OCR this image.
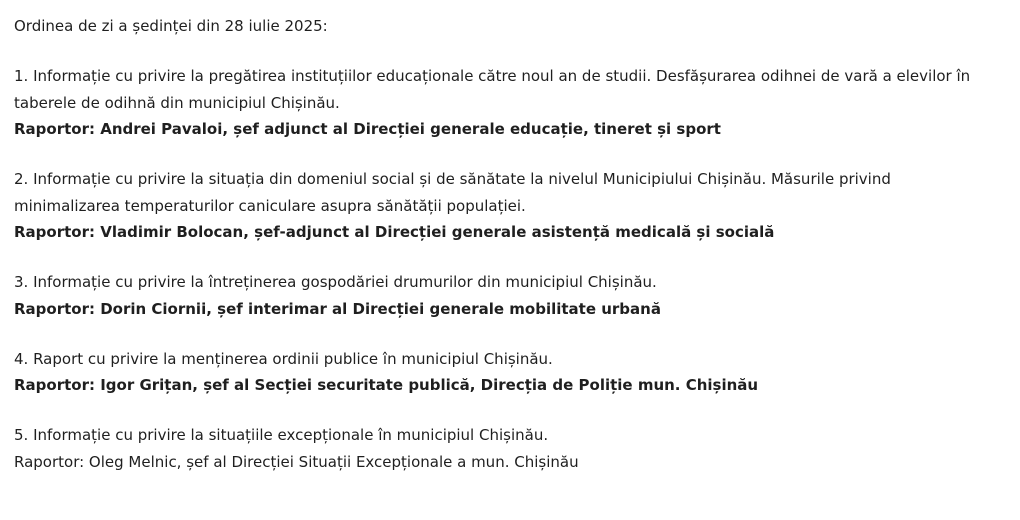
Ordinea de zi a ședinței din 28 iulie 2025:

1. Informație cu privire la pregătirea instituțiilor educaționale către noul an de studii. Desfășurarea odihnei de vară a elevilor în taberele de odihnă din municipiul Chișinău.

Raportor: Andrei Pavaloi, șef adjunct al Direcției generale educație, tineret și sport

2. Informație cu privire la situația din domeniul social și de sănătate la nivelul Municipiului Chișinău. Măsurile privind minimalizarea temperaturilor caniculare asupra sănătății populației.

Raportor: Vladimir Bolocan, șef-adjunct al Direcției generale asistență medicală și socială

3. Informație cu privire la întreținerea gospodăriei drumurilor din municipiul Chișinău.

Raportor: Dorin Ciornii, șef interimar al Direcției generale mobilitate urbană

4. Raport cu privire la menținerea ordinii publice în municipiul Chișinău.

Raportor: Igor Grițan, șef al Secției securitate publică, Direcția de Poliție mun. Chișinău

5. Informație cu privire la situațiile excepționale în municipiul Chișinău.

Raportor: Oleg Melnic, șef al Direcției Situații Excepționale a mun. Chișinău
